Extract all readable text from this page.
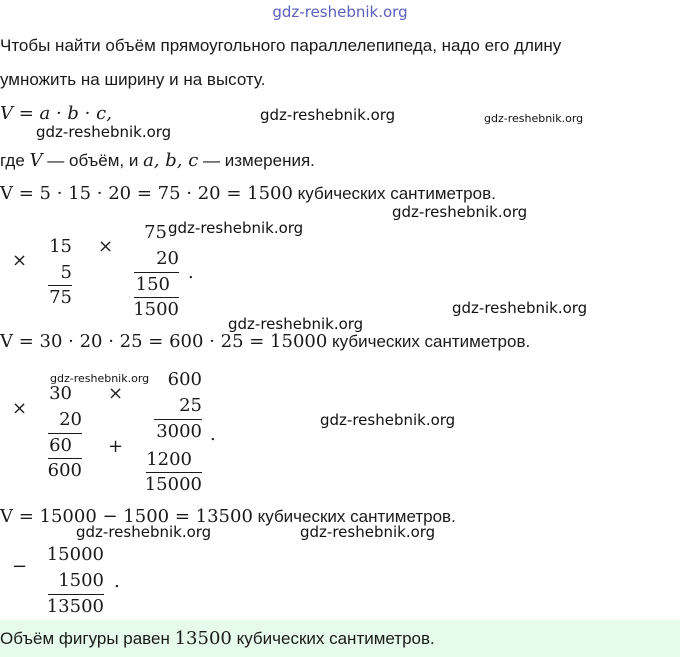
gdz-reshebnik.org
Чтобы найти объём прямоугольного параллелепипеда, надо его длину
умножить на ширину и на высоту.
V = a · b · c,
где V — объём, и a, b, c — измерения.
V = 5 · 15 · 20 = 75 · 20 = 1500 кубических сантиметров.
×
15
5
75
×
75
20
150
1500
.
V = 30 · 20 · 25 = 600 · 25 = 15000 кубических сантиметров.
×
30
20
60
600
×
600
25
3000
+
1200
15000
.
V = 15000 − 1500 = 13500 кубических сантиметров.
−
15000
1500
13500
.
Объём фигуры равен 13500 кубических сантиметров.
gdz-reshebnik.org	gdz-reshebnik.org
gdz-reshebnik.org
gdz-reshebnik.org
gdz-reshebnik.org
gdz-reshebnik.org
gdz-reshebnik.org
gdz-reshebnik.org
gdz-reshebnik.org
gdz-reshebnik.org	gdz-reshebnik.org
